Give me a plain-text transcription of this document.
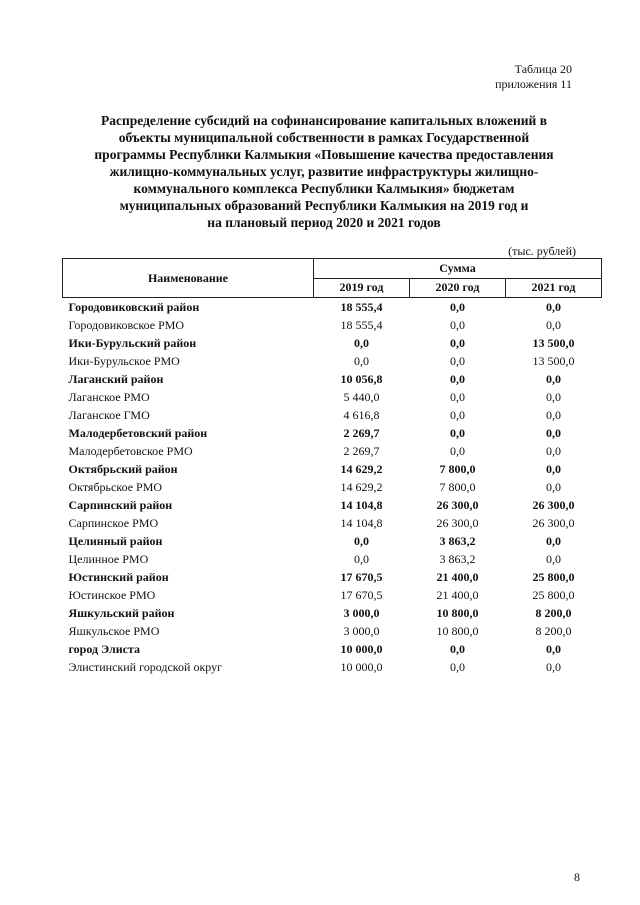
Таблица 20
приложения 11
Распределение субсидий на софинансирование капитальных вложений в
объекты муниципальной собственности в рамках Государственной
программы Республики Калмыкия «Повышение качества предоставления
жилищно-коммунальных услуг, развитие инфраструктуры жилищно-
коммунального комплекса Республики Калмыкия» бюджетам
муниципальных образований Республики Калмыкия на 2019 год и
на плановый период 2020 и 2021 годов
(тыс. рублей)
Наименование	Сумма		
	2019 год	2020 год	2021 год
Городовиковский район	18 555,4	0,0	0,0
Городовиковское РМО	18 555,4	0,0	0,0
Ики-Бурульский район	0,0	0,0	13 500,0
Ики-Бурульское РМО	0,0	0,0	13 500,0
Лаганский район	10 056,8	0,0	0,0
Лаганское РМО	5 440,0	0,0	0,0
Лаганское ГМО	4 616,8	0,0	0,0
Малодербетовский район	2 269,7	0,0	0,0
Малодербетовское РМО	2 269,7	0,0	0,0
Октябрьский район	14 629,2	7 800,0	0,0
Октябрьское РМО	14 629,2	7 800,0	0,0
Сарпинский район	14 104,8	26 300,0	26 300,0
Сарпинское РМО	14 104,8	26 300,0	26 300,0
Целинный район	0,0	3 863,2	0,0
Целинное РМО	0,0	3 863,2	0,0
Юстинский район	17 670,5	21 400,0	25 800,0
Юстинское РМО	17 670,5	21 400,0	25 800,0
Яшкульский район	3 000,0	10 800,0	8 200,0
Яшкульское РМО	3 000,0	10 800,0	8 200,0
город Элиста	10 000,0	0,0	0,0
Элистинский городской округ	10 000,0	0,0	0,0
8
